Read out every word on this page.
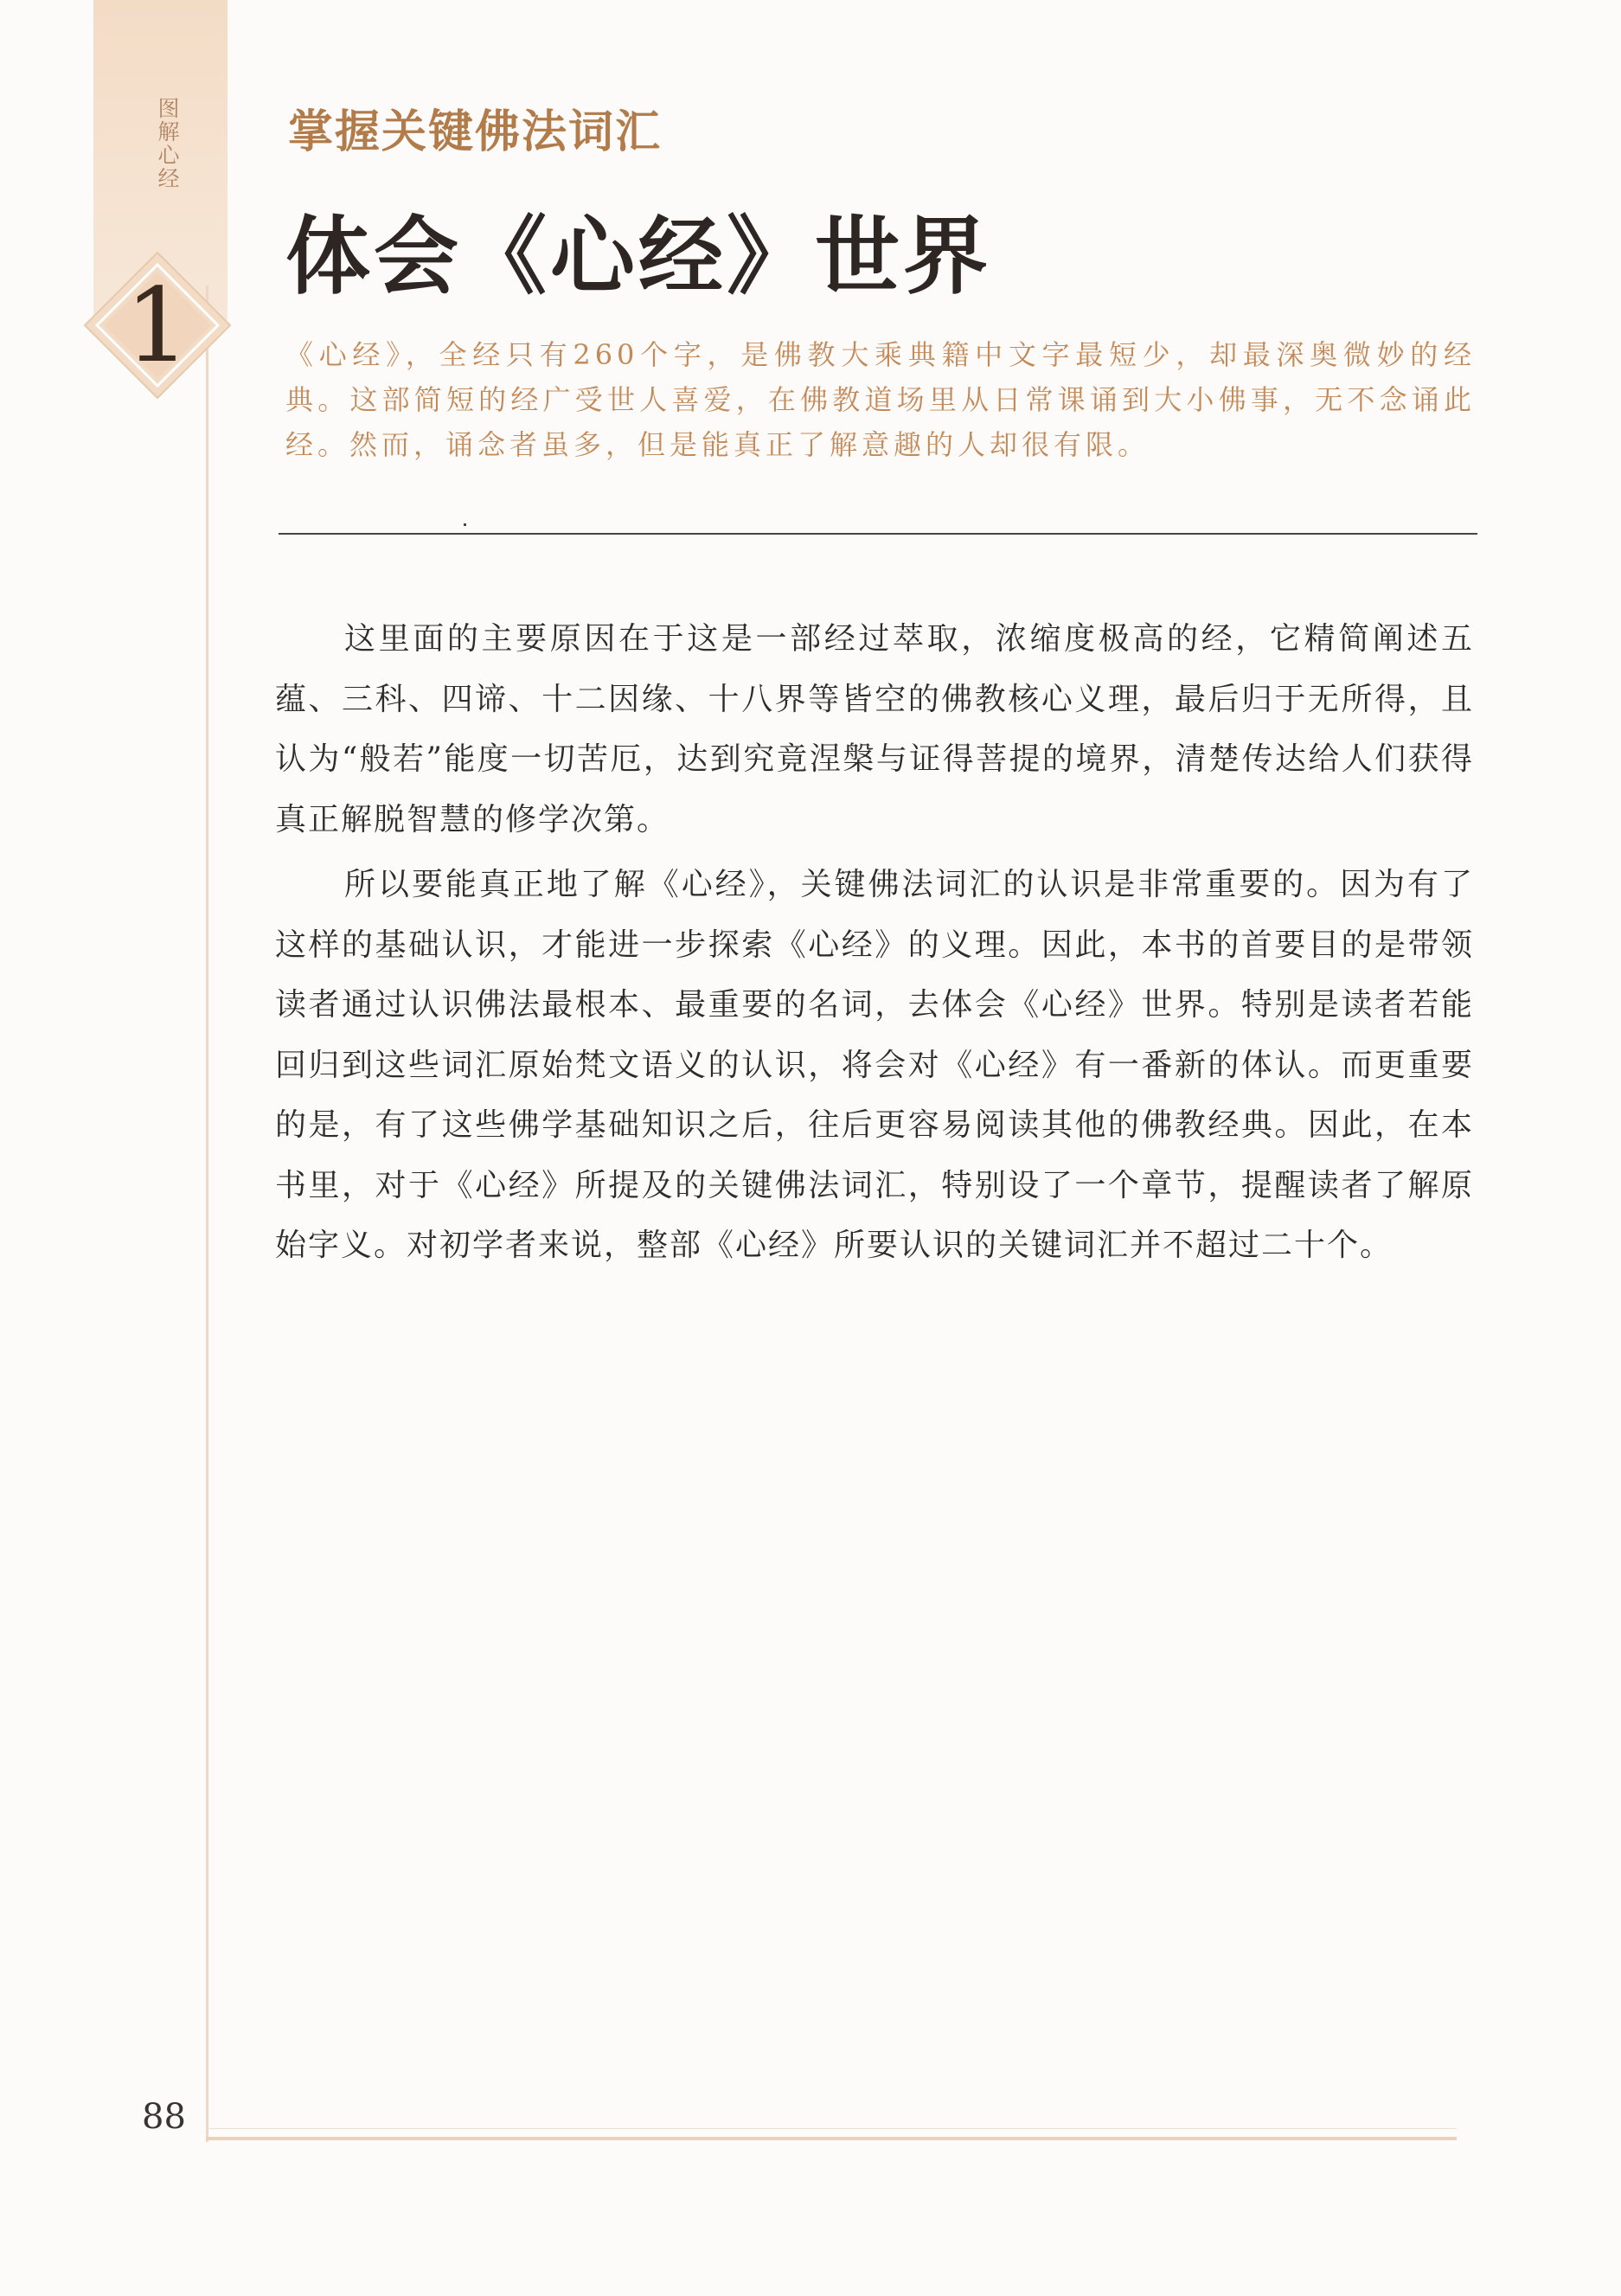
图解心经
1
掌握关键佛法词汇
体会《心经》世界
《心经》，全经只有260个字，是佛教大乘典籍中文字最短少，却最深奥微妙的经典。这部简短的经广受世人喜爱，在佛教道场里从日常课诵到大小佛事，无不念诵此经。然而，诵念者虽多，但是能真正了解意趣的人却很有限。

这里面的主要原因在于这是一部经过萃取，浓缩度极高的经，它精简阐述五蕴、三科、四谛、十二因缘、十八界等皆空的佛教核心义理，最后归于无所得，且认为“般若”能度一切苦厄，达到究竟涅槃与证得菩提的境界，清楚传达给人们获得真正解脱智慧的修学次第。

所以要能真正地了解《心经》，关键佛法词汇的认识是非常重要的。因为有了这样的基础认识，才能进一步探索《心经》的义理。因此，本书的首要目的是带领读者通过认识佛法最根本、最重要的名词，去体会《心经》世界。特别是读者若能回归到这些词汇原始梵文语义的认识，将会对《心经》有一番新的体认。而更重要的是，有了这些佛学基础知识之后，往后更容易阅读其他的佛教经典。因此，在本书里，对于《心经》所提及的关键佛法词汇，特别设了一个章节，提醒读者了解原始字义。对初学者来说，整部《心经》所要认识的关键词汇并不超过二十个。

88
